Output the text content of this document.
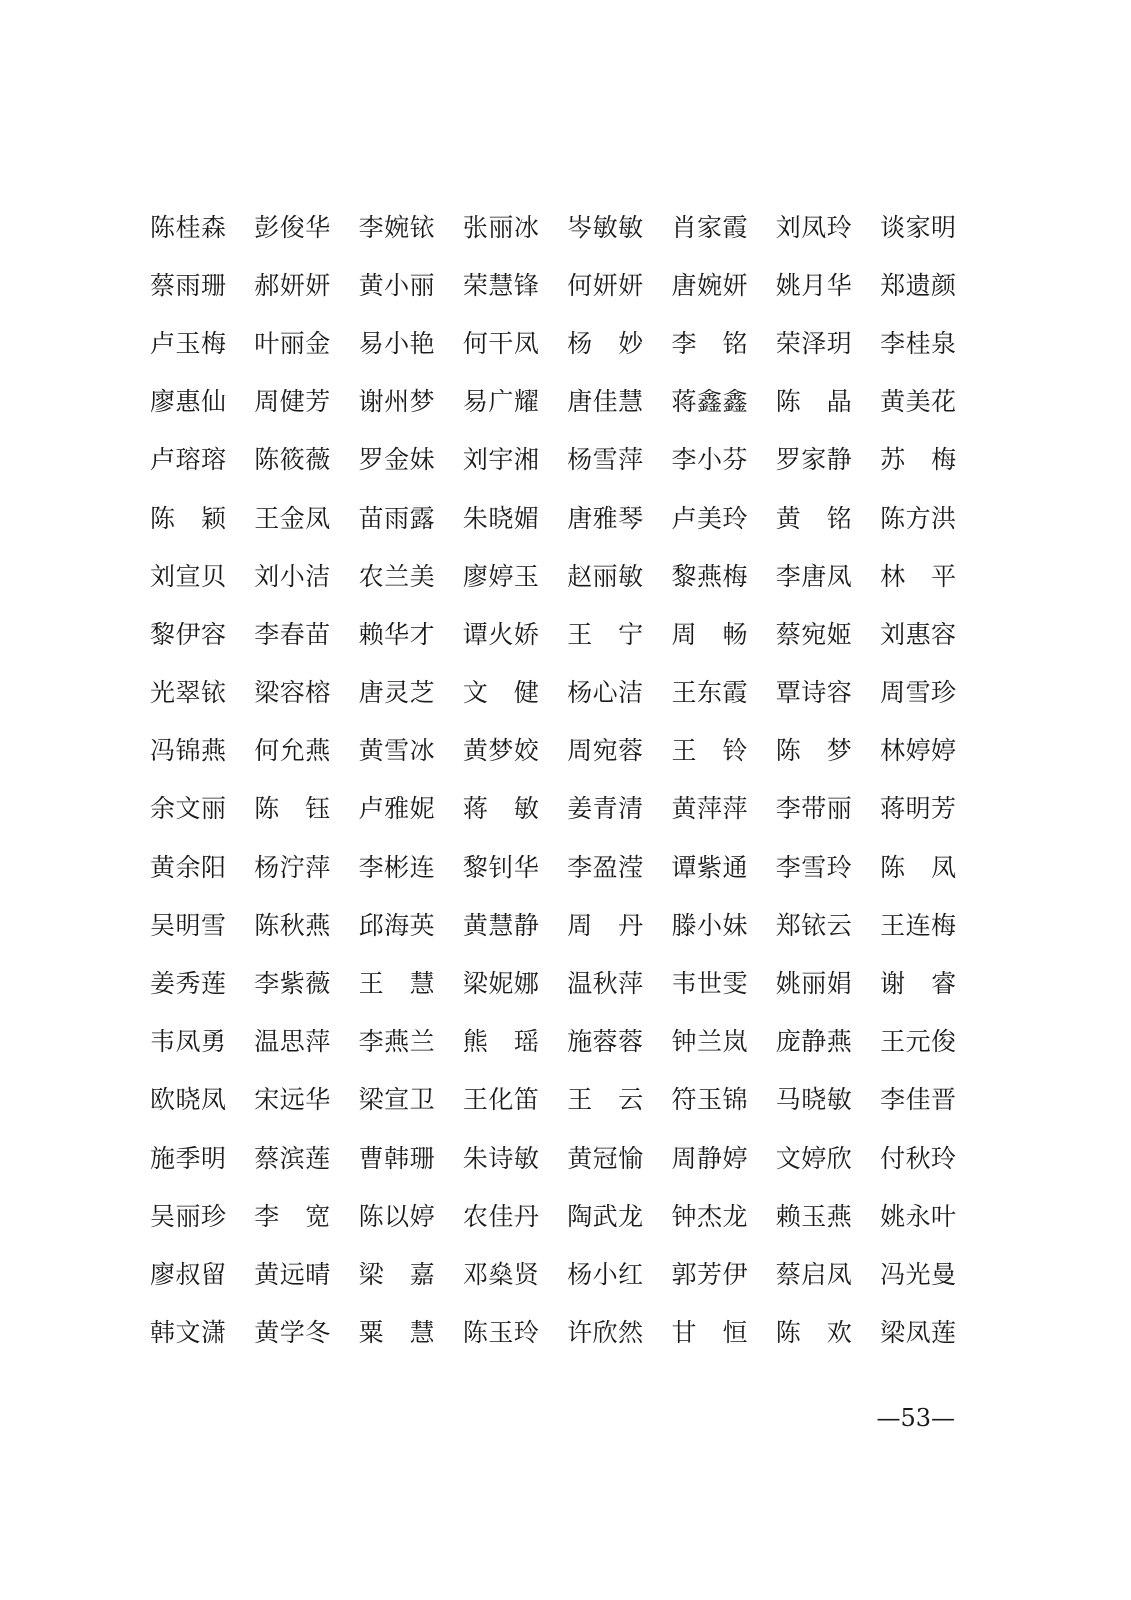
陈 桂 森 彭 俊 华 李 婉 铱 张 丽 冰 岑 敏 敏 肖 家 霞 刘 凤 玲 谈 家 明
蔡 雨 珊 郝 妍 妍 黄 小 丽 荣 慧 锋 何 妍 妍 唐 婉 妍 姚 月 华 郑 遗 颜
卢 玉 梅 叶 丽 金 易 小 艳 何 干 凤 杨 妙 李 铭 荣 泽 玥 李 桂 泉
廖 惠 仙 周 健 芳 谢 州 梦 易 广 耀 唐 佳 慧 蒋 鑫 鑫 陈 晶 黄 美 花
卢 瑢 瑢 陈 筱 薇 罗 金 妹 刘 宇 湘 杨 雪 萍 李 小 芬 罗 家 静 苏 梅
陈 颖 王 金 凤 苗 雨 露 朱 晓 媚 唐 雅 琴 卢 美 玲 黄 铭 陈 方 洪
刘 宣 贝 刘 小 洁 农 兰 美 廖 婷 玉 赵 丽 敏 黎 燕 梅 李 唐 凤 林 平
黎 伊 容 李 春 苗 赖 华 才 谭 火 娇 王 宁 周 畅 蔡 宛 姬 刘 惠 容
光 翠 铱 梁 容 榕 唐 灵 芝 文 健 杨 心 洁 王 东 霞 覃 诗 容 周 雪 珍
冯 锦 燕 何 允 燕 黄 雪 冰 黄 梦 姣 周 宛 蓉 王 铃 陈 梦 林 婷 婷
余 文 丽 陈 钰 卢 雅 妮 蒋 敏 姜 青 清 黄 萍 萍 李 带 丽 蒋 明 芳
黄 余 阳 杨 泞 萍 李 彬 连 黎 钊 华 李 盈 滢 谭 紫 通 李 雪 玲 陈 凤
吴 明 雪 陈 秋 燕 邱 海 英 黄 慧 静 周 丹 滕 小 妹 郑 铱 云 王 连 梅
姜 秀 莲 李 紫 薇 王 慧 梁 妮 娜 温 秋 萍 韦 世 雯 姚 丽 娟 谢 睿
韦 凤 勇 温 思 萍 李 燕 兰 熊 瑶 施 蓉 蓉 钟 兰 岚 庞 静 燕 王 元 俊
欧 晓 凤 宋 远 华 梁 宣 卫 王 化 笛 王 云 符 玉 锦 马 晓 敏 李 佳 晋
施 季 明 蔡 滨 莲 曹 韩 珊 朱 诗 敏 黄 冠 愉 周 静 婷 文 婷 欣 付 秋 玲
吴 丽 珍 李 宽 陈 以 婷 农 佳 丹 陶 武 龙 钟 杰 龙 赖 玉 燕 姚 永 叶
廖 叔 留 黄 远 晴 梁 嘉 邓 燊 贤 杨 小 红 郭 芳 伊 蔡 启 凤 冯 光 曼
韩 文 潇 黄 学 冬 粟 慧 陈 玉 玲 许 欣 然 甘 恒 陈 欢 梁 凤 莲
—53—
